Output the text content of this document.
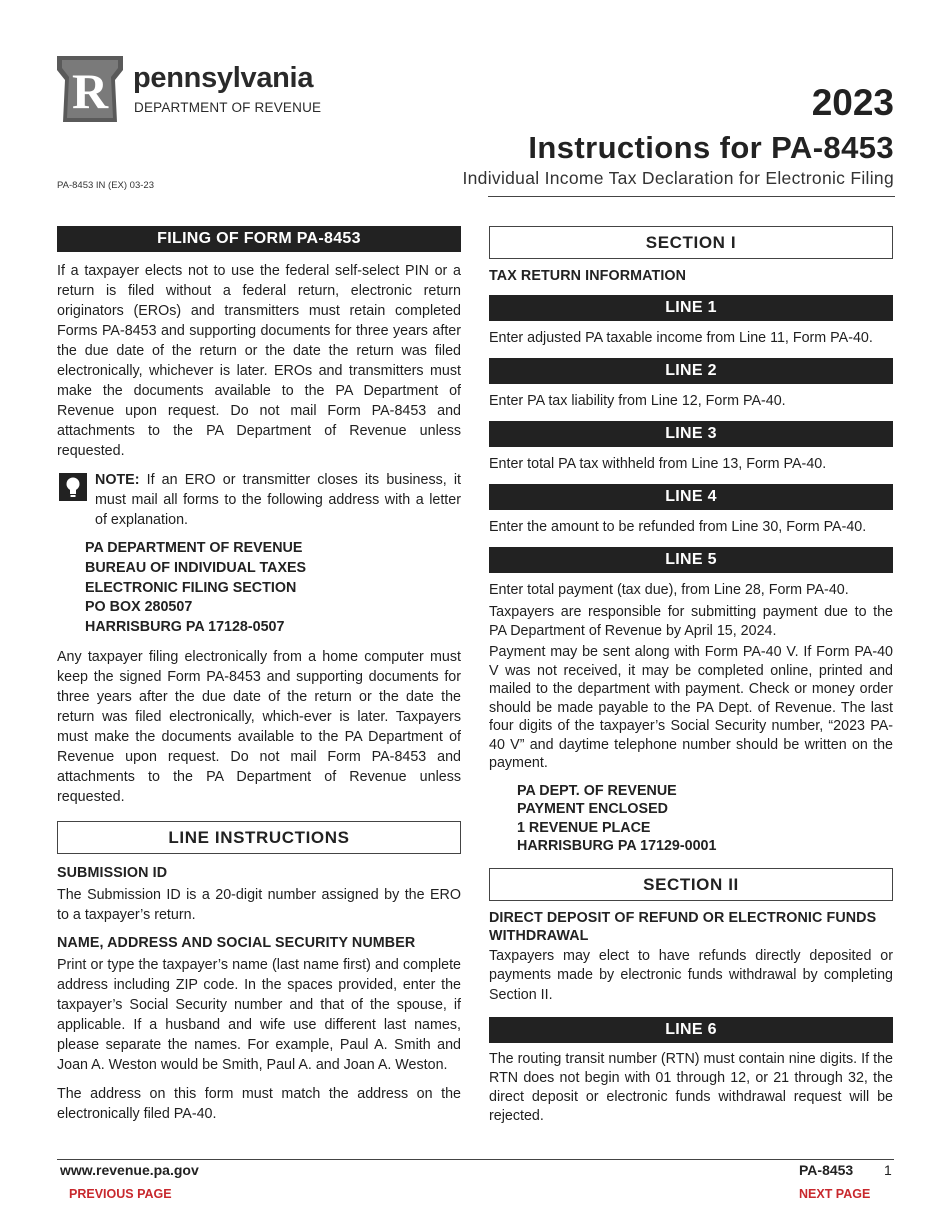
R pennsylvania
DEPARTMENT OF REVENUE
PA-8453 IN (EX) 03-23
2023
Instructions for PA-8453
Individual Income Tax Declaration for Electronic Filing
FILING OF FORM PA-8453

If a taxpayer elects not to use the federal self-select PIN or a return is filed without a federal return, electronic return originators (EROs) and transmitters must retain completed Forms PA-8453 and supporting documents for three years after the due date of the return or the date the return was filed electronically, whichever is later. EROs and transmitters must make the documents available to the PA Department of Revenue upon request. Do not mail Form PA-8453 and attachments to the PA Department of Revenue unless requested.

NOTE: If an ERO or transmitter closes its business, it must mail all forms to the following address with a letter of explanation.

PA DEPARTMENT OF REVENUE
BUREAU OF INDIVIDUAL TAXES
ELECTRONIC FILING SECTION
PO BOX 280507
HARRISBURG PA 17128-0507

Any taxpayer filing electronically from a home computer must keep the signed Form PA-8453 and supporting documents for three years after the due date of the return or the date the return was filed electronically, which-ever is later. Taxpayers must make the documents available to the PA Department of Revenue upon request. Do not mail Form PA-8453 and attachments to the PA Department of Revenue unless requested.

LINE INSTRUCTIONS
SUBMISSION ID

The Submission ID is a 20-digit number assigned by the ERO to a taxpayer’s return.

NAME, ADDRESS AND SOCIAL SECURITY NUMBER

Print or type the taxpayer’s name (last name first) and complete address including ZIP code. In the spaces provided, enter the taxpayer’s Social Security number and that of the spouse, if applicable. If a husband and wife use different last names, please separate the names. For example, Paul A. Smith and Joan A. Weston would be Smith, Paul A. and Joan A. Weston.

The address on this form must match the address on the electronically filed PA-40.

SECTION I
TAX RETURN INFORMATION
LINE 1

Enter adjusted PA taxable income from Line 11, Form PA-40.

LINE 2

Enter PA tax liability from Line 12, Form PA-40.

LINE 3

Enter total PA tax withheld from Line 13, Form PA-40.

LINE 4

Enter the amount to be refunded from Line 30, Form PA-40.

LINE 5

Enter total payment (tax due), from Line 28, Form PA-40.

Taxpayers are responsible for submitting payment due to the PA Department of Revenue by April 15, 2024.

Payment may be sent along with Form PA-40 V. If Form PA-40 V was not received, it may be completed online, printed and mailed to the department with payment. Check or money order should be made payable to the PA Dept. of Revenue. The last four digits of the taxpayer’s Social Security number, “2023 PA-40 V” and daytime telephone number should be written on the payment.

PA DEPT. OF REVENUE
PAYMENT ENCLOSED
1 REVENUE PLACE
HARRISBURG PA 17129-0001
SECTION II
DIRECT DEPOSIT OF REFUND OR ELECTRONIC FUNDS WITHDRAWAL

Taxpayers may elect to have refunds directly deposited or payments made by electronic funds withdrawal by completing Section II.

LINE 6

The routing transit number (RTN) must contain nine digits. If the RTN does not begin with 01 through 12, or 21 through 32, the direct deposit or electronic funds withdrawal request will be rejected.

www.revenue.pa.gov	PA-8453 1
PREVIOUS PAGE	NEXT PAGE
